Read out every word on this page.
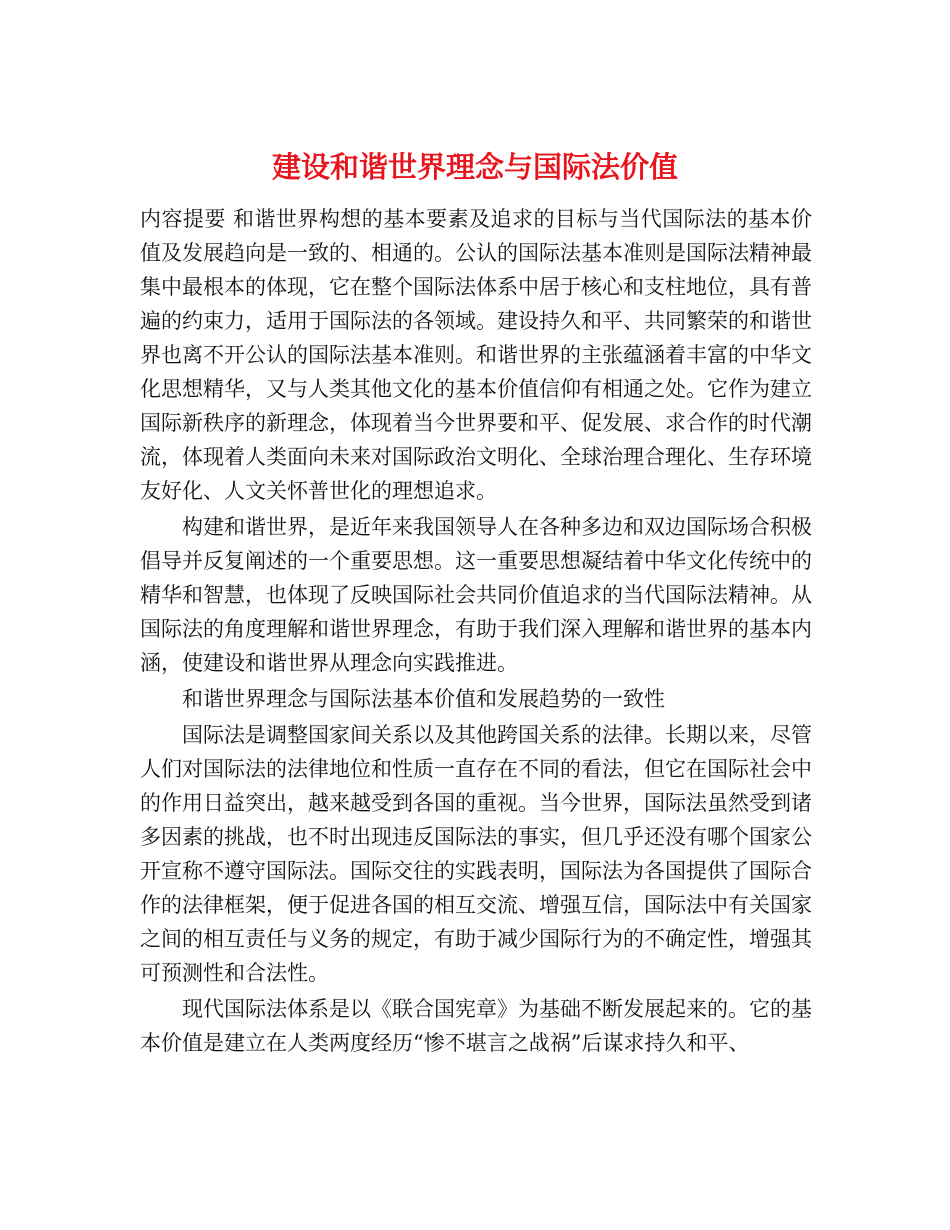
建设和谐世界理念与国际法价值

内容提要 和谐世界构想的基本要素及追求的目标与当代国际法的基本价值及发展趋向是一致的、相通的。公认的国际法基本准则是国际法精神最集中最根本的体现，它在整个国际法体系中居于核心和支柱地位，具有普遍的约束力，适用于国际法的各领域。建设持久和平、共同繁荣的和谐世界也离不开公认的国际法基本准则。和谐世界的主张蕴涵着丰富的中华文化思想精华，又与人类其他文化的基本价值信仰有相通之处。它作为建立国际新秩序的新理念，体现着当今世界要和平、促发展、求合作的时代潮流，体现着人类面向未来对国际政治文明化、全球治理合理化、生存环境友好化、人文关怀普世化的理想追求。

构建和谐世界，是近年来我国领导人在各种多边和双边国际场合积极倡导并反复阐述的一个重要思想。这一重要思想凝结着中华文化传统中的精华和智慧，也体现了反映国际社会共同价值追求的当代国际法精神。从国际法的角度理解和谐世界理念，有助于我们深入理解和谐世界的基本内涵，使建设和谐世界从理念向实践推进。

和谐世界理念与国际法基本价值和发展趋势的一致性

国际法是调整国家间关系以及其他跨国关系的法律。长期以来，尽管人们对国际法的法律地位和性质一直存在不同的看法，但它在国际社会中的作用日益突出，越来越受到各国的重视。当今世界，国际法虽然受到诸多因素的挑战，也不时出现违反国际法的事实，但几乎还没有哪个国家公开宣称不遵守国际法。国际交往的实践表明，国际法为各国提供了国际合作的法律框架，便于促进各国的相互交流、增强互信，国际法中有关国家之间的相互责任与义务的规定，有助于减少国际行为的不确定性，增强其可预测性和合法性。

现代国际法体系是以《联合国宪章》为基础不断发展起来的。它的基本价值是建立在人类两度经历“惨不堪言之战祸”后谋求持久和平、
